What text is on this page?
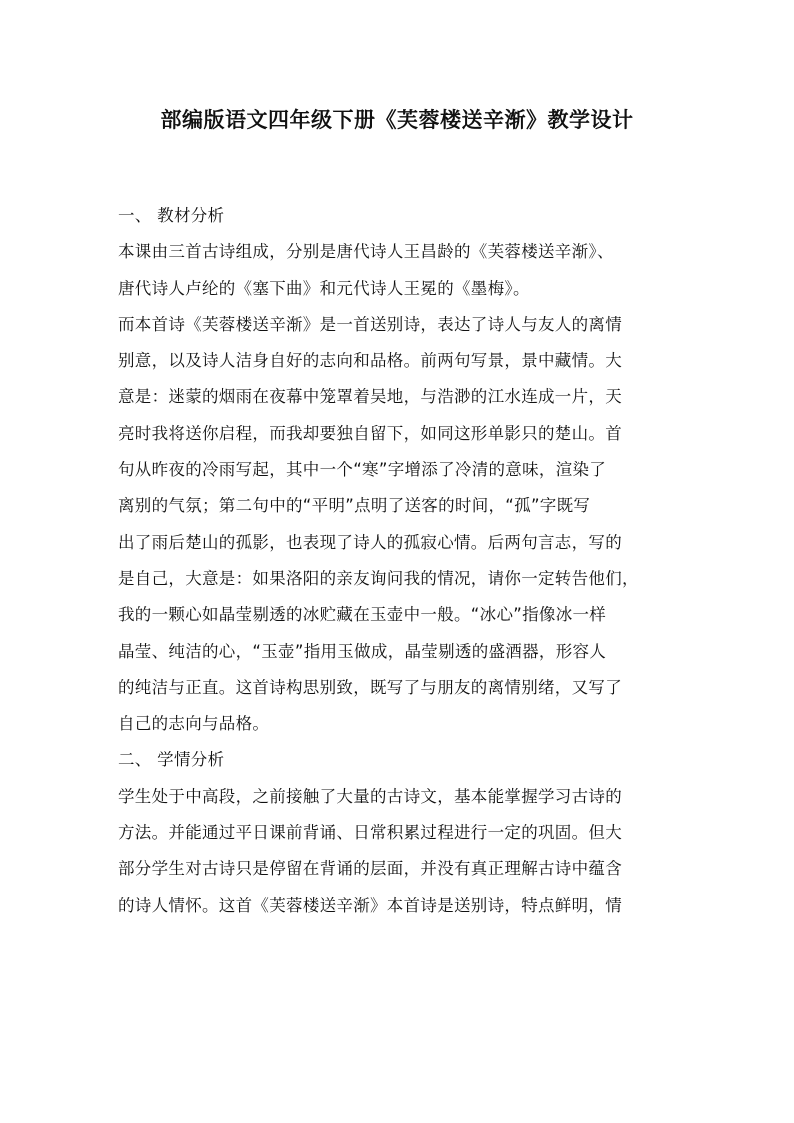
部编版语文四年级下册《芙蓉楼送辛渐》教学设计
一、 教材分析
本课由三首古诗组成，分别是唐代诗人王昌龄的《芙蓉楼送辛渐》、
唐代诗人卢纶的《塞下曲》和元代诗人王冕的《墨梅》。
而本首诗《芙蓉楼送辛渐》是一首送别诗，表达了诗人与友人的离情
别意，以及诗人洁身自好的志向和品格。前两句写景，景中藏情。大
意是：迷蒙的烟雨在夜幕中笼罩着吴地，与浩渺的江水连成一片，天
亮时我将送你启程，而我却要独自留下，如同这形单影只的楚山。首
句从昨夜的冷雨写起，其中一个“寒”字增添了冷清的意味，渲染了
离别的气氛；第二句中的“平明”点明了送客的时间，“孤”字既写
出了雨后楚山的孤影，也表现了诗人的孤寂心情。后两句言志，写的
是自己，大意是：如果洛阳的亲友询问我的情况，请你一定转告他们，
我的一颗心如晶莹剔透的冰贮藏在玉壶中一般。“冰心”指像冰一样
晶莹、纯洁的心，“玉壶”指用玉做成，晶莹剔透的盛酒器，形容人
的纯洁与正直。这首诗构思别致，既写了与朋友的离情别绪，又写了
自己的志向与品格。
二、 学情分析
学生处于中高段，之前接触了大量的古诗文，基本能掌握学习古诗的
方法。并能通过平日课前背诵、日常积累过程进行一定的巩固。但大
部分学生对古诗只是停留在背诵的层面，并没有真正理解古诗中蕴含
的诗人情怀。这首《芙蓉楼送辛渐》本首诗是送别诗，特点鲜明，情
